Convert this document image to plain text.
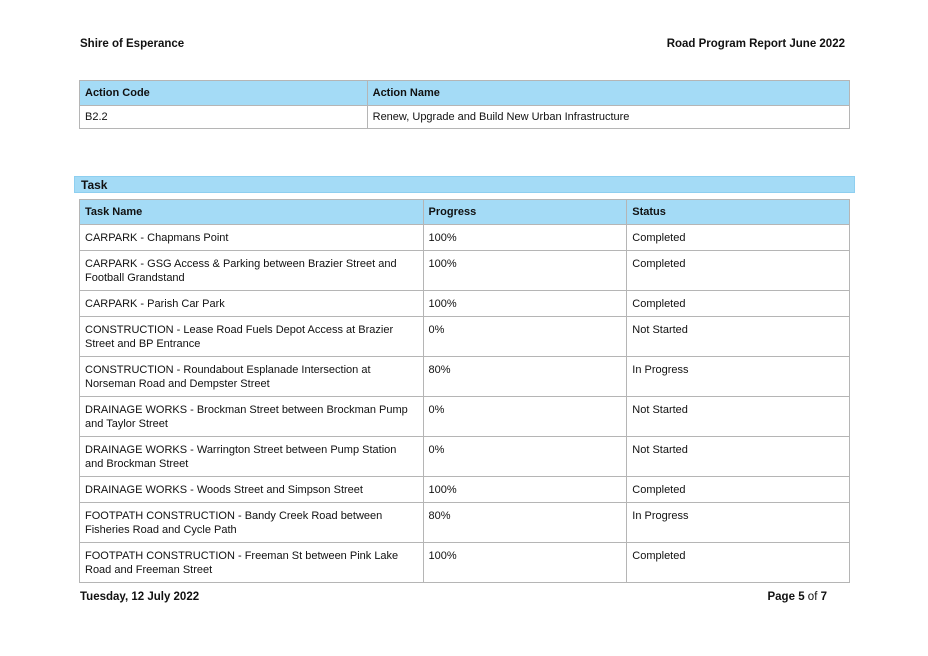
Shire of Esperance	Road Program Report June 2022
Action Code	Action Name
B2.2	Renew, Upgrade and Build New Urban Infrastructure
Task
Task Name	Progress	Status
CARPARK - Chapmans Point	100%	Completed
CARPARK - GSG Access & Parking between Brazier Street and Football Grandstand	100%	Completed
CARPARK - Parish Car Park	100%	Completed
CONSTRUCTION - Lease Road Fuels Depot Access at Brazier Street and BP Entrance	0%	Not Started
CONSTRUCTION - Roundabout Esplanade Intersection at Norseman Road and Dempster Street	80%	In Progress
DRAINAGE WORKS - Brockman Street between Brockman Pump and Taylor Street	0%	Not Started
DRAINAGE WORKS - Warrington Street between Pump Station and Brockman Street	0%	Not Started
DRAINAGE WORKS - Woods Street and Simpson Street	100%	Completed
FOOTPATH CONSTRUCTION - Bandy Creek Road between Fisheries Road and Cycle Path	80%	In Progress
FOOTPATH CONSTRUCTION - Freeman St between Pink Lake Road and Freeman Street	100%	Completed
Tuesday, 12 July 2022	Page 5 of 7
